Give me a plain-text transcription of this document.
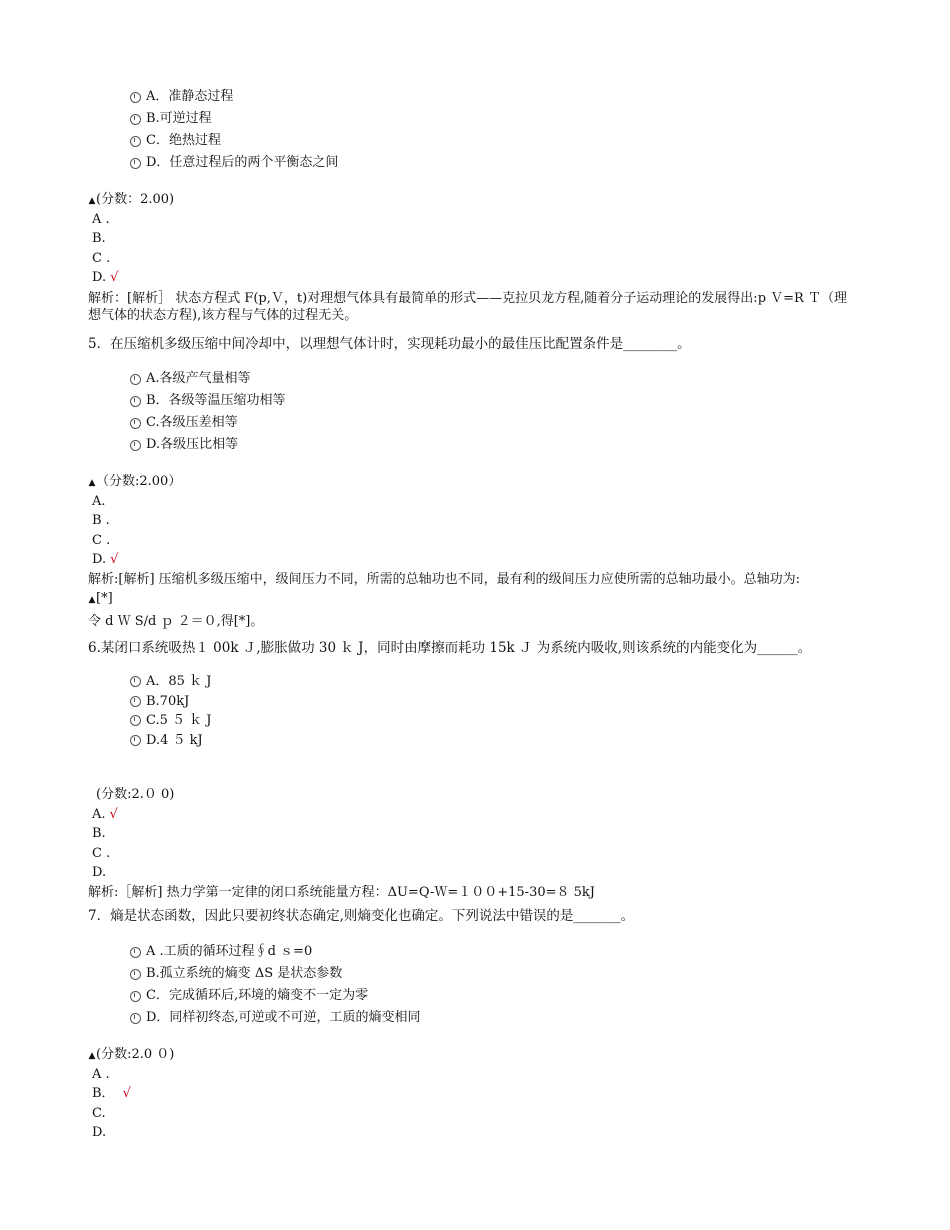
A．准静态过程
B.可逆过程
C．绝热过程
D．任意过程后的两个平衡态之间
▲(分数：2.00)
A .
B.
C .
D. √
解析：[解析］ 状态方程式 F(p,Ｖ，t)对理想气体具有最简单的形式——克拉贝龙方程,随着分子运动理论的发展得出:p Ｖ=R Ｔ（理想气体的状态方程),该方程与气体的过程无关。
5．在压缩机多级压缩中间冷却中，以理想气体计时，实现耗功最小的最佳压比配置条件是________。
A.各级产气量相等
B．各级等温压缩功相等
C.各级压差相等
D.各级压比相等
▲（分数:2.00）
A.
B .
C .
D. √
解析:[解析] 压缩机多级压缩中，级间压力不同，所需的总轴功也不同，最有利的级间压力应使所需的总轴功最小。总轴功为:
▲[*]
令 d Ｗ S/d ｐ ２＝０,得[*]。
6.某闭口系统吸热１ 00k Ｊ,膨胀做功 30 ｋ J，同时由摩擦而耗功 15k Ｊ 为系统内吸收,则该系统的内能变化为______。
A．85 ｋ J
B.70kJ
C.5 ５ ｋ J
D.4 ５ kJ
(分数:2.０ 0)
A. √
B.
C .
D.
解析:［解析] 热力学第一定律的闭口系统能量方程：ΔU=Q-Ｗ=１００+15-30=８ 5kJ
7．熵是状态函数，因此只要初终状态确定,则熵变化也确定。下列说法中错误的是_______。
A .工质的循环过程∮d ｓ=0
B.孤立系统的熵变 ΔS 是状态参数
C．完成循环后,环境的熵变不一定为零
D．同样初终态,可逆或不可逆，工质的熵变相同
▲(分数:2.0 ０)
A .
B． √
C.
D.
